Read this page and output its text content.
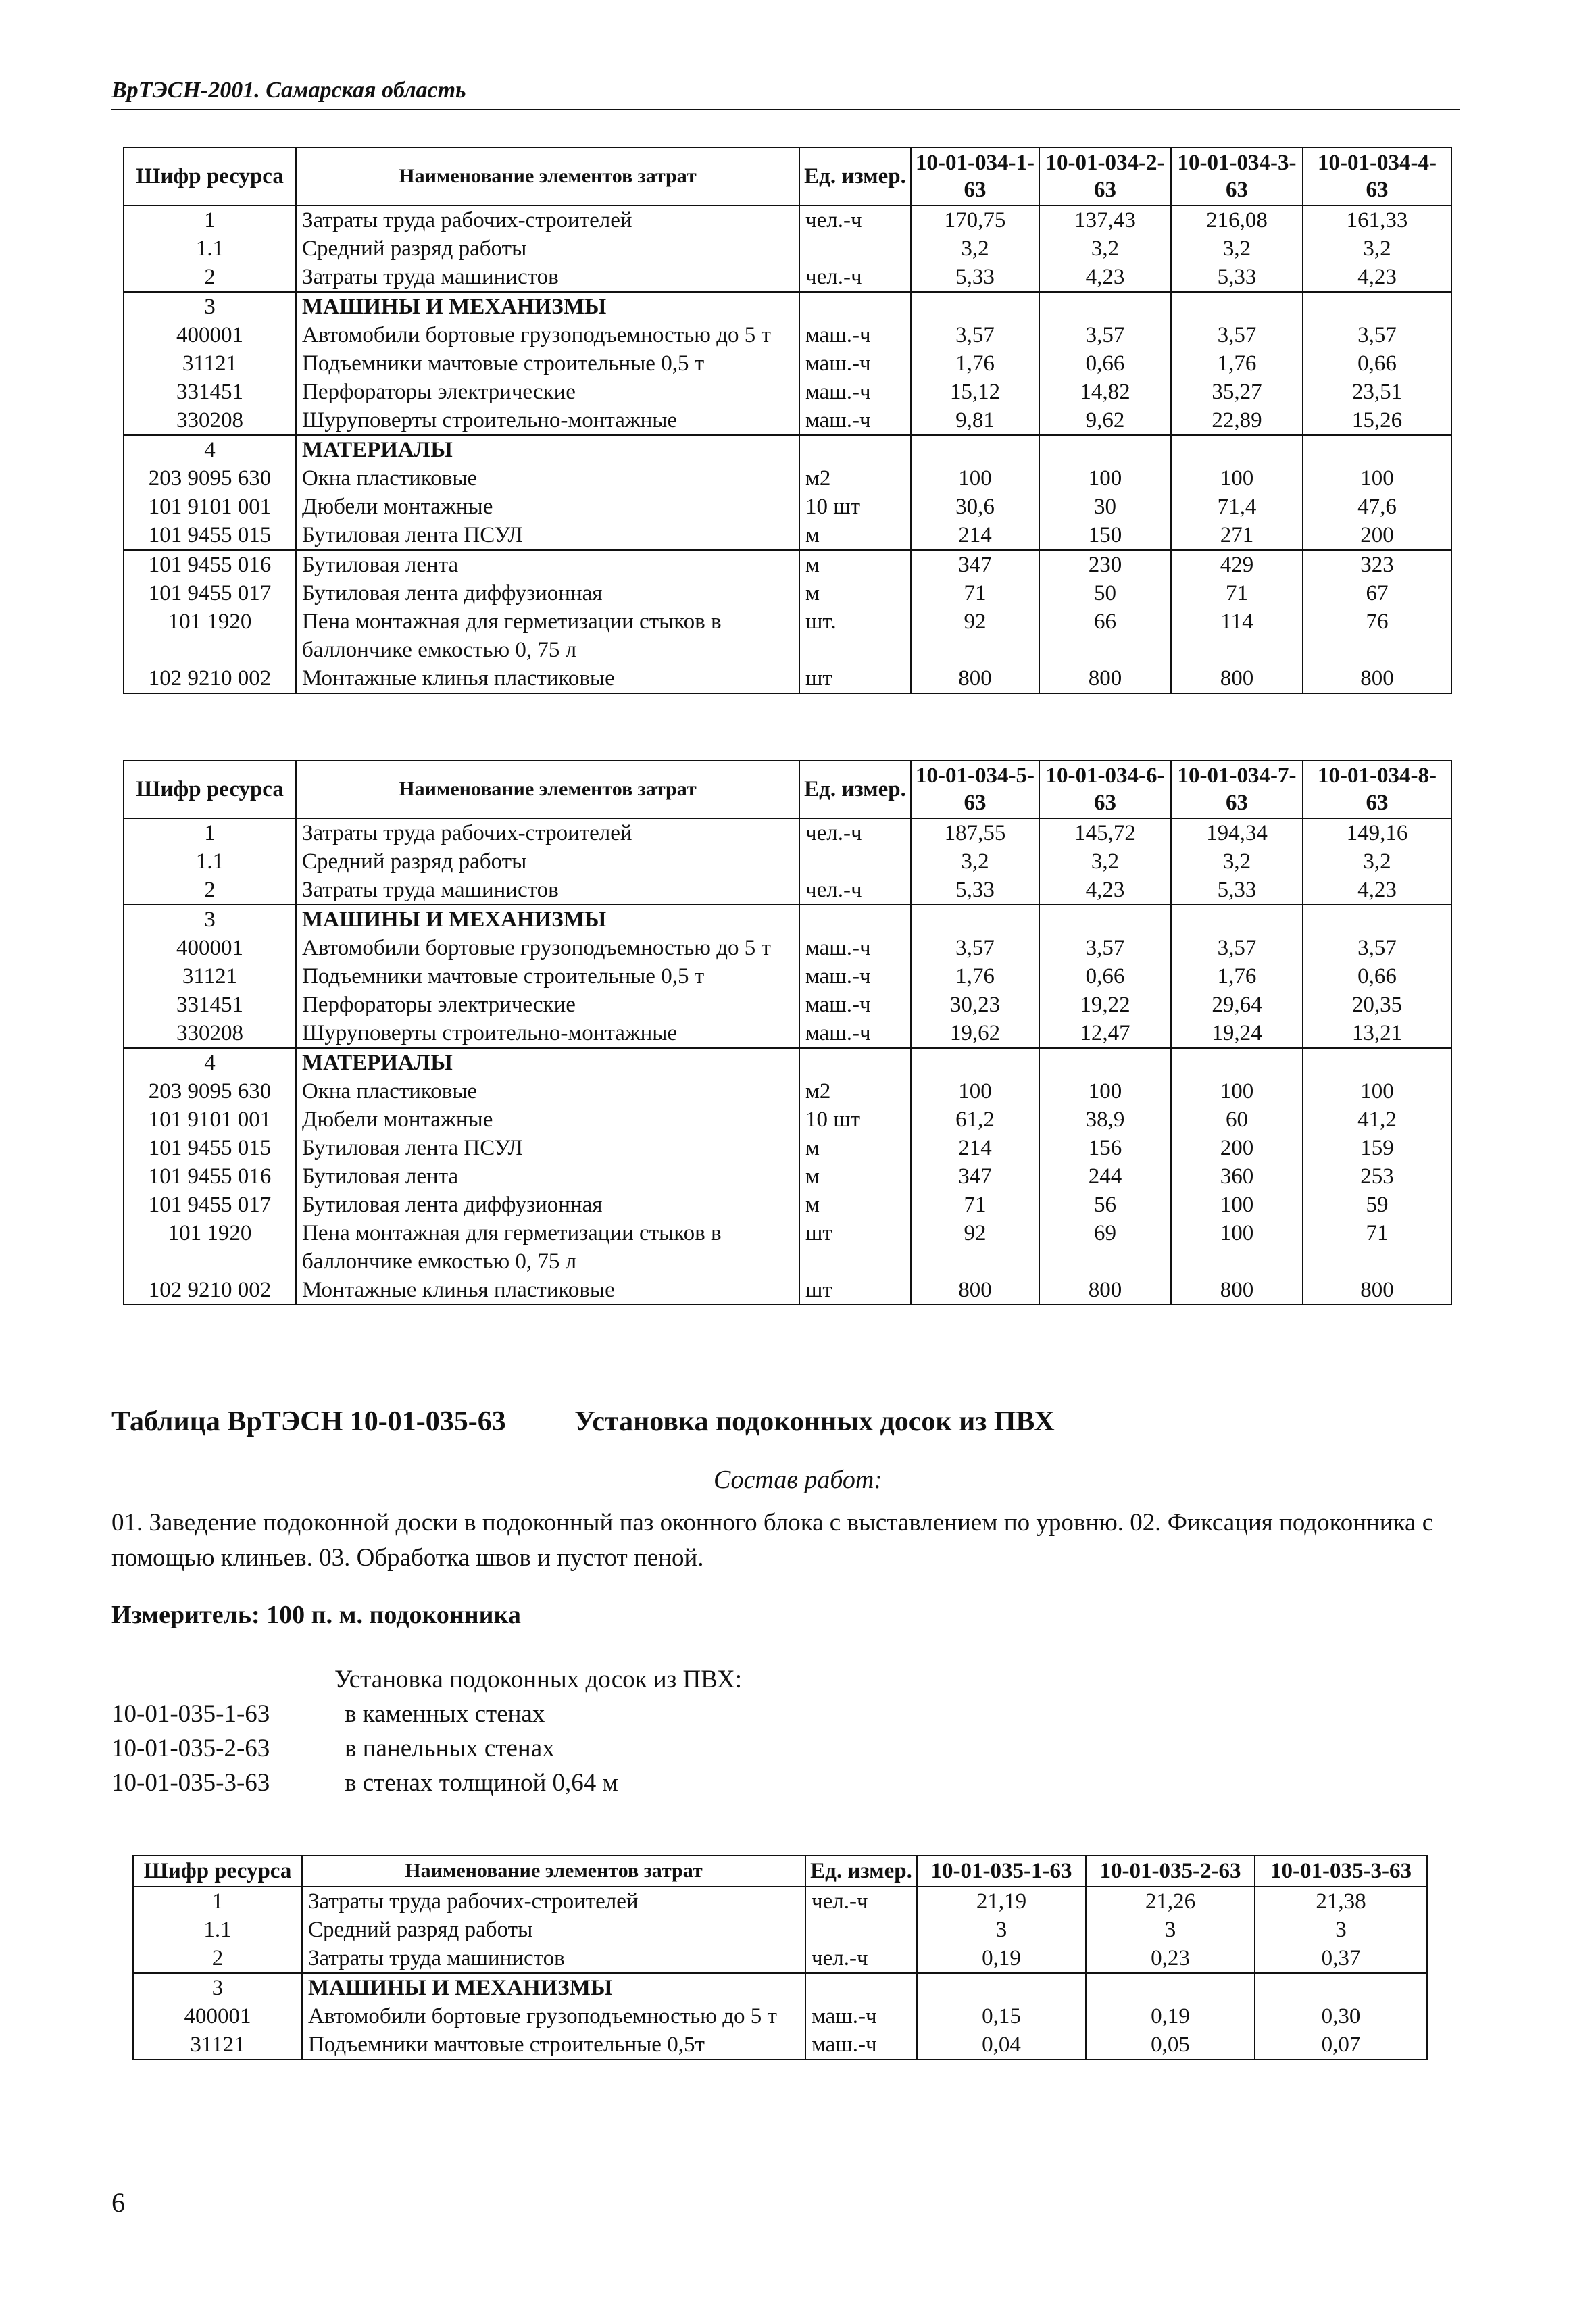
ВрТЭСН-2001. Самарская область
Шифр ресурса	Наименование элементов затрат	Ед. измер.	10-01-034-1-63	10-01-034-2-63	10-01-034-3-63	10-01-034-4-63
1	Затраты труда рабочих-строителей	чел.-ч	170,75	137,43	216,08	161,33
1.1	Средний разряд работы		3,2	3,2	3,2	3,2
2	Затраты труда машинистов	чел.-ч	5,33	4,23	5,33	4,23
3	МАШИНЫ И МЕХАНИЗМЫ					
400001	Автомобили бортовые грузоподъемностью до 5 т	маш.-ч	3,57	3,57	3,57	3,57
31121	Подъемники мачтовые строительные 0,5 т	маш.-ч	1,76	0,66	1,76	0,66
331451	Перфораторы электрические	маш.-ч	15,12	14,82	35,27	23,51
330208	Шуруповерты строительно-монтажные	маш.-ч	9,81	9,62	22,89	15,26
4	МАТЕРИАЛЫ					
203 9095 630	Окна пластиковые	м2	100	100	100	100
101 9101 001	Дюбели монтажные	10 шт	30,6	30	71,4	47,6
101 9455 015	Бутиловая лента ПСУЛ	м	214	150	271	200
101 9455 016	Бутиловая лента	м	347	230	429	323
101 9455 017	Бутиловая лента диффузионная	м	71	50	71	67
101 1920	Пена монтажная для герметизации стыков в баллончике емкостью 0, 75 л	шт.	92	66	114	76
102 9210 002	Монтажные клинья пластиковые	шт	800	800	800	800
Шифр ресурса	Наименование элементов затрат	Ед. измер.	10-01-034-5-63	10-01-034-6-63	10-01-034-7-63	10-01-034-8-63
1	Затраты труда рабочих-строителей	чел.-ч	187,55	145,72	194,34	149,16
1.1	Средний разряд работы		3,2	3,2	3,2	3,2
2	Затраты труда машинистов	чел.-ч	5,33	4,23	5,33	4,23
3	МАШИНЫ И МЕХАНИЗМЫ					
400001	Автомобили бортовые грузоподъемностью до 5 т	маш.-ч	3,57	3,57	3,57	3,57
31121	Подъемники мачтовые строительные 0,5 т	маш.-ч	1,76	0,66	1,76	0,66
331451	Перфораторы электрические	маш.-ч	30,23	19,22	29,64	20,35
330208	Шуруповерты строительно-монтажные	маш.-ч	19,62	12,47	19,24	13,21
4	МАТЕРИАЛЫ					
203 9095 630	Окна пластиковые	м2	100	100	100	100
101 9101 001	Дюбели монтажные	10 шт	61,2	38,9	60	41,2
101 9455 015	Бутиловая лента ПСУЛ	м	214	156	200	159
101 9455 016	Бутиловая лента	м	347	244	360	253
101 9455 017	Бутиловая лента диффузионная	м	71	56	100	59
101 1920	Пена монтажная для герметизации стыков в баллончике емкостью 0, 75 л	шт	92	69	100	71
102 9210 002	Монтажные клинья пластиковые	шт	800	800	800	800
Таблица ВрТЭСН 10-01-035-63 Установка подоконных досок из ПВХ
Состав работ:
01. Заведение подоконной доски в подоконный паз оконного блока с выставлением по уровню. 02. Фиксация подоконника с помощью клиньев. 03. Обработка швов и пустот пеной.
Измеритель: 100 п. м. подоконника
Установка подоконных досок из ПВХ:
10-01-035-1-63	в каменных стенах
10-01-035-2-63	в панельных стенах
10-01-035-3-63	в стенах толщиной 0,64 м
Шифр ресурса	Наименование элементов затрат	Ед. измер.	10-01-035-1-63	10-01-035-2-63	10-01-035-3-63
1	Затраты труда рабочих-строителей	чел.-ч	21,19	21,26	21,38
1.1	Средний разряд работы		3	3	3
2	Затраты труда машинистов	чел.-ч	0,19	0,23	0,37
3	МАШИНЫ И МЕХАНИЗМЫ				
400001	Автомобили бортовые грузоподъемностью до 5 т	маш.-ч	0,15	0,19	0,30
31121	Подъемники мачтовые строительные 0,5т	маш.-ч	0,04	0,05	0,07
6
